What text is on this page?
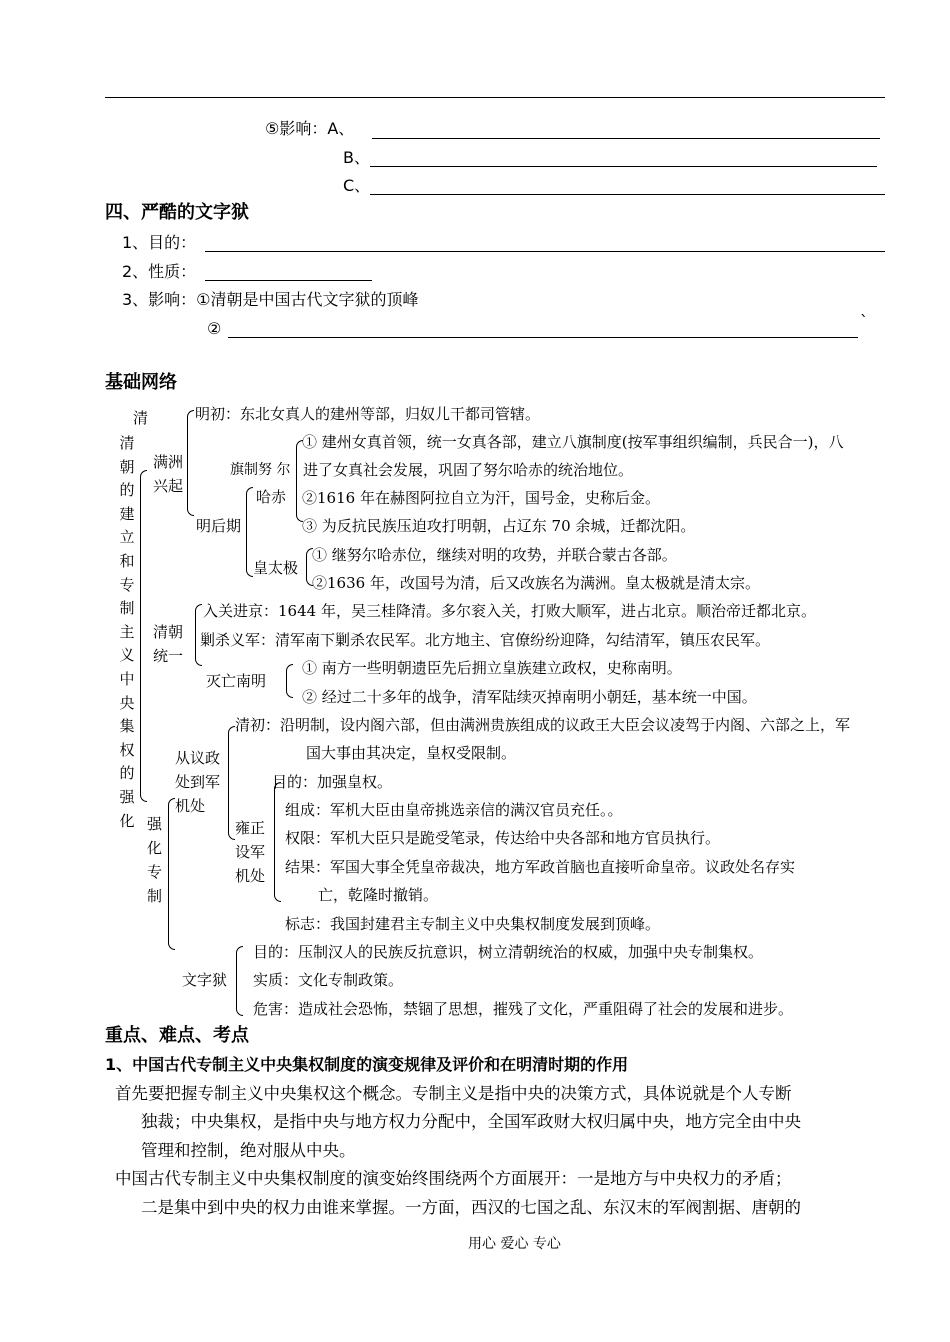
⑤影响：A、
B、
C、
四、严酷的文字狱
1、目的：
2、性质：
3、影响：①清朝是中国古代文字狱的顶峰
②	`
基础网络
清
清朝的建立和专制主义中央集权的强化
满洲兴起
明初：东北女真人的建州等部，归奴儿干都司管辖。
明后期
旗制努 尔
哈赤
① 建州女真首领，统一女真各部，建立八旗制度(按军事组织编制，兵民合一)，八
进了女真社会发展，巩固了努尔哈赤的统治地位。
②1616 年在赫图阿拉自立为汗，国号金，史称后金。
③ 为反抗民族压迫攻打明朝，占辽东 70 余城，迁都沈阳。
皇太极
① 继努尔哈赤位，继续对明的攻势，并联合蒙古各部。
②1636 年，改国号为清，后又改族名为满洲。皇太极就是清太宗。
清朝统一
入关进京：1644 年，吴三桂降清。多尔衮入关，打败大顺军，进占北京。顺治帝迁都北京。
剿杀义军：清军南下剿杀农民军。北方地主、官僚纷纷迎降，勾结清军，镇压农民军。
灭亡南明
① 南方一些明朝遗臣先后拥立皇族建立政权，史称南明。
② 经过二十多年的战争，清军陆续灭掉南明小朝廷，基本统一中国。
强化专制
从议政处到军机处
清初：沿明制，设内阁六部，但由满洲贵族组成的议政王大臣会议凌驾于内阁、六部之上，军
国大事由其决定，皇权受限制。
雍正设军机处
目的：加强皇权。
组成：军机大臣由皇帝挑选亲信的满汉官员充任。。
权限：军机大臣只是跪受笔录，传达给中央各部和地方官员执行。
结果：军国大事全凭皇帝裁决，地方军政首脑也直接听命皇帝。议政处名存实
亡，乾隆时撤销。
标志：我国封建君主专制主义中央集权制度发展到顶峰。
文字狱
目的：压制汉人的民族反抗意识，树立清朝统治的权威，加强中央专制集权。
实质：文化专制政策。
危害：造成社会恐怖，禁锢了思想，摧残了文化，严重阻碍了社会的发展和进步。
重点、难点、考点
1、中国古代专制主义中央集权制度的演变规律及评价和在明清时期的作用
首先要把握专制主义中央集权这个概念。专制主义是指中央的决策方式，具体说就是个人专断
独裁；中央集权，是指中央与地方权力分配中，全国军政财大权归属中央，地方完全由中央
管理和控制，绝对服从中央。
中国古代专制主义中央集权制度的演变始终围绕两个方面展开：一是地方与中央权力的矛盾；
二是集中到中央的权力由谁来掌握。一方面，西汉的七国之乱、东汉末的军阀割据、唐朝的
用心 爱心 专心
